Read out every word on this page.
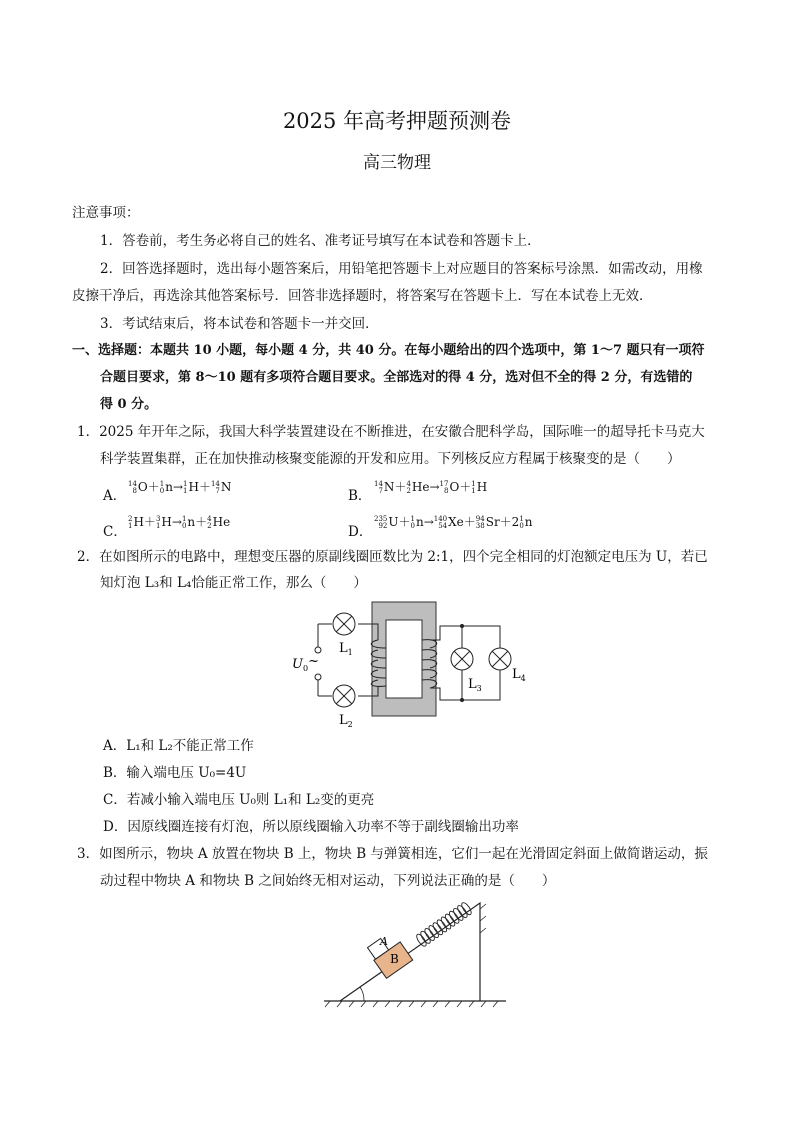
2025 年高考押题预测卷
高三物理
注意事项：
1．答卷前，考生务必将自己的姓名、准考证号填写在本试卷和答题卡上．
2．回答选择题时，选出每小题答案后，用铅笔把答题卡上对应题目的答案标号涂黑．如需改动，用橡
皮擦干净后，再选涂其他答案标号．回答非选择题时，将答案写在答题卡上．写在本试卷上无效．
3．考试结束后，将本试卷和答题卡一并交回．
一、选择题：本题共 10 小题，每小题 4 分，共 40 分。在每小题给出的四个选项中，第 1～7 题只有一项符
合题目要求，第 8～10 题有多项符合题目要求。全部选对的得 4 分，选对但不全的得 2 分，有选错的
得 0 分。
1．2025 年开年之际，我国大科学装置建设在不断推进，在安徽合肥科学岛，国际唯一的超导托卡马克大
科学装置集群，正在加快推动核聚变能源的开发和应用。下列核反应方程属于核聚变的是（　　）
A．
14
8 O＋ 1
0 n→ 1
1 H＋ 14
7 N
B．
14
7 N＋ 4
2 He→ 17
8 O＋ 1
1 H
C．
2
1 H＋ 3
1 H→ 1
0 n＋ 4
2 He
D．
235
92 U＋ 1
0 n→ 140
54 Xe＋ 94
38 Sr＋2 1
0 n
2．在如图所示的电路中，理想变压器的原副线圈匝数比为 2:1，四个完全相同的灯泡额定电压为 U，若已
知灯泡 L₃和 L₄恰能正常工作，那么（　　）
$L_1$
$L_2$
$L_3$
$L_4$
$U_0\sim$
A．L₁和 L₂不能正常工作
B．输入端电压 U₀=4U
C．若减小输入端电压 U₀则 L₁和 L₂变的更亮
D．因原线圈连接有灯泡，所以原线圈输入功率不等于副线圈输出功率
3．如图所示，物块 A 放置在物块 B 上，物块 B 与弹簧相连，它们一起在光滑固定斜面上做简谐运动，振
动过程中物块 A 和物块 B 之间始终无相对运动，下列说法正确的是（　　）
B
A
